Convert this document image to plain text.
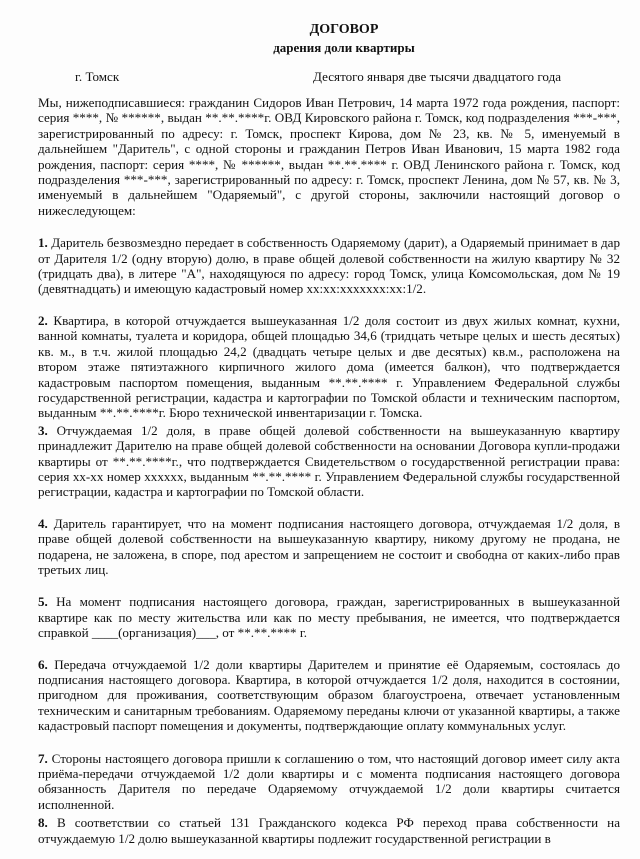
ДОГОВОР

дарения доли квартиры

г. Томск	Десятого января две тысячи двадцатого года

Мы, нижеподписавшиеся: гражданин Сидоров Иван Петрович, 14 марта 1972 года рождения, паспорт: серия ****, № ******, выдан **.**.****г. ОВД Кировского района г. Томск, код подразделения ***-***, зарегистрированный по адресу: г. Томск, проспект Кирова, дом № 23, кв. № 5, именуемый в дальнейшем "Даритель", с одной стороны и гражданин Петров Иван Иванович, 15 марта 1982 года рождения, паспорт: серия ****, № ******, выдан **.**.**** г. ОВД Ленинского района г. Томск, код подразделения ***-***, зарегистрированный по адресу: г. Томск, проспект Ленина, дом № 57, кв. № 3, именуемый в дальнейшем "Одаряемый", с другой стороны, заключили настоящий договор о нижеследующем:

1. Даритель безвозмездно передает в собственность Одаряемому (дарит), а Одаряемый принимает в дар от Дарителя 1/2 (одну вторую) долю, в праве общей долевой собственности на жилую квартиру № 32 (тридцать два), в литере "А", находящуюся по адресу: город Томск, улица Комсомольская, дом № 19 (девятнадцать) и имеющую кадастровый номер хх:хх:ххххххх:хх:1/2.

2. Квартира, в которой отчуждается вышеуказанная 1/2 доля состоит из двух жилых комнат, кухни, ванной комнаты, туалета и коридора, общей площадью 34,6 (тридцать четыре целых и шесть десятых) кв. м., в т.ч. жилой площадью 24,2 (двадцать четыре целых и две десятых) кв.м., расположена на втором этаже пятиэтажного кирпичного жилого дома (имеется балкон), что подтверждается кадастровым паспортом помещения, выданным **.**.**** г. Управлением Федеральной службы государственной регистрации, кадастра и картографии по Томской области и техническим паспортом, выданным **.**.****г. Бюро технической инвентаризации г. Томска.

3. Отчуждаемая 1/2 доля, в праве общей долевой собственности на вышеуказанную квартиру принадлежит Дарителю на праве общей долевой собственности на основании Договора купли-продажи квартиры от **.**.****г., что подтверждается Свидетельством о государственной регистрации права: серия хх-хх номер хххххх, выданным **.**.**** г. Управлением Федеральной службы государственной регистрации, кадастра и картографии по Томской области.

4. Даритель гарантирует, что на момент подписания настоящего договора, отчуждаемая 1/2 доля, в праве общей долевой собственности на вышеуказанную квартиру, никому другому не продана, не подарена, не заложена, в споре, под арестом и запрещением не состоит и свободна от каких-либо прав третьих лиц.

5. На момент подписания настоящего договора, граждан, зарегистрированных в вышеуказанной квартире как по месту жительства или как по месту пребывания, не имеется, что подтверждается справкой ____(организация)___, от **.**.**** г.

6. Передача отчуждаемой 1/2 доли квартиры Дарителем и принятие её Одаряемым, состоялась до подписания настоящего договора. Квартира, в которой отчуждается 1/2 доля, находится в состоянии, пригодном для проживания, соответствующим образом благоустроена, отвечает установленным техническим и санитарным требованиям. Одаряемому переданы ключи от указанной квартиры, а также кадастровый паспорт помещения и документы, подтверждающие оплату коммунальных услуг.

7. Стороны настоящего договора пришли к соглашению о том, что настоящий договор имеет силу акта приёма-передачи отчуждаемой 1/2 доли квартиры и с момента подписания настоящего договора обязанность Дарителя по передаче Одаряемому отчуждаемой 1/2 доли квартиры считается исполненной.

8. В соответствии со статьей 131 Гражданского кодекса РФ переход права собственности на отчуждаемую 1/2 долю вышеуказанной квартиры подлежит государственной регистрации в
